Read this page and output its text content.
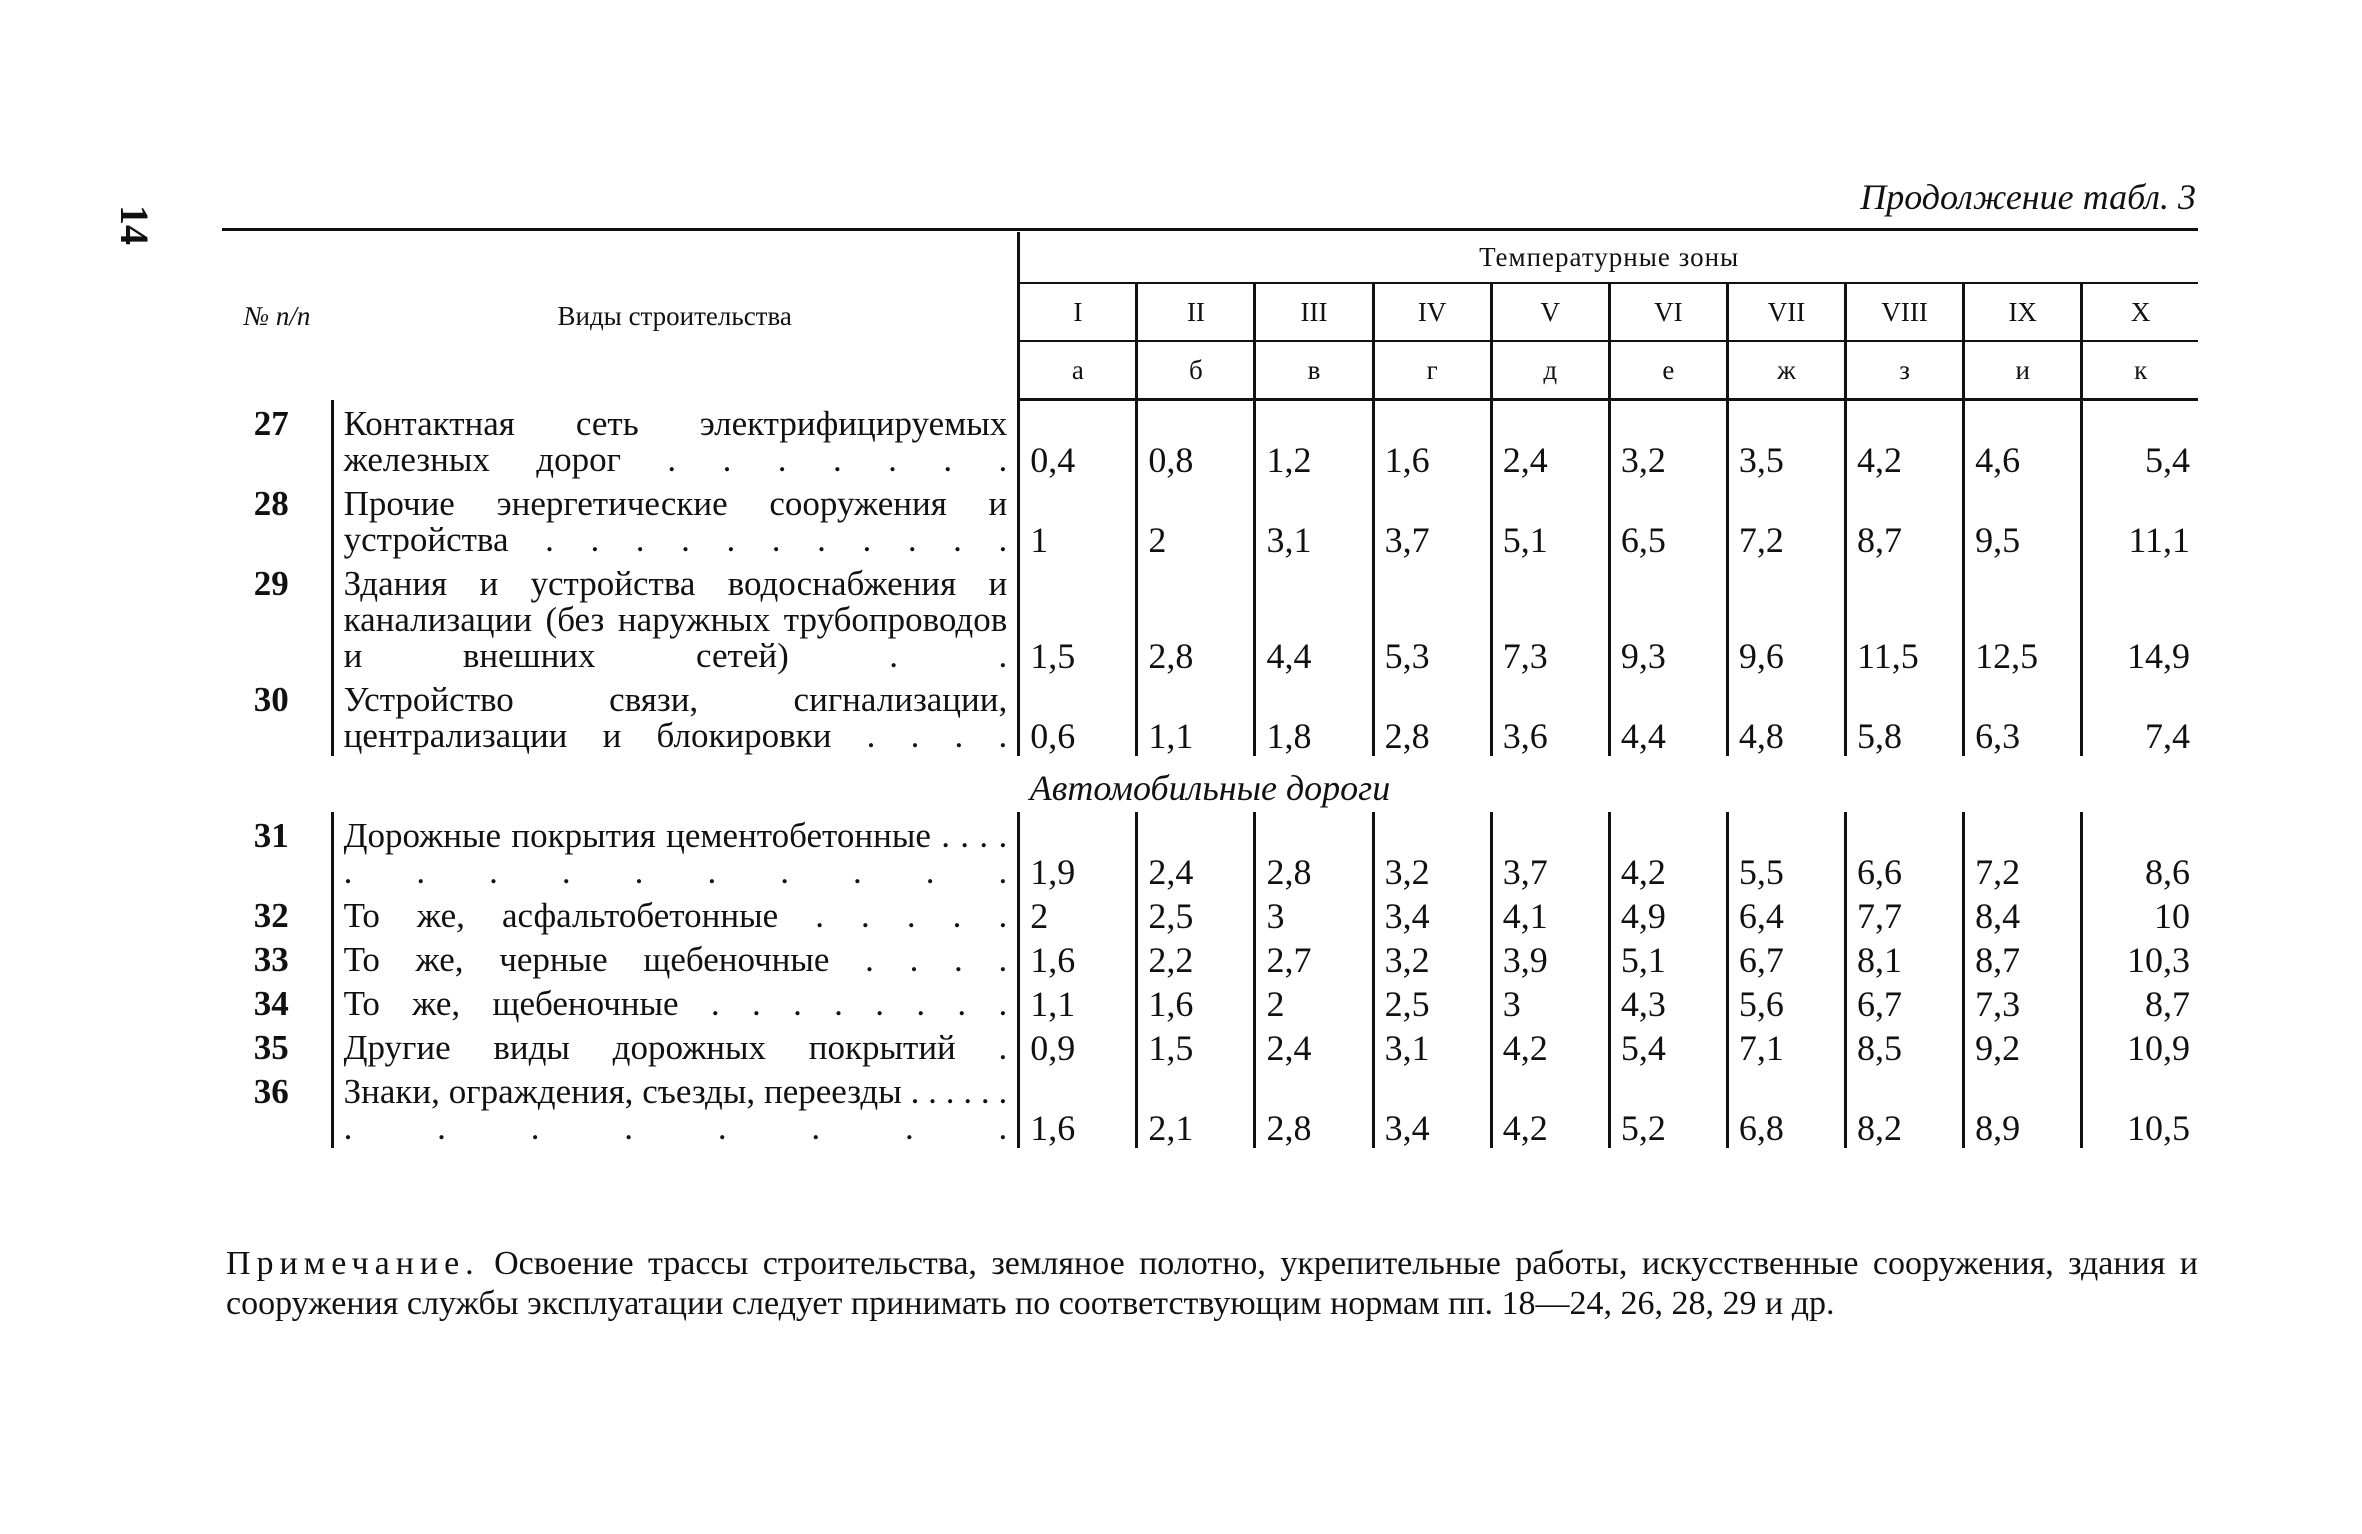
14
Продолжение табл. 3
№ п/п	Виды строительства	Температурные зоны									
		I	II	III	IV	V	VI	VII	VIII	IX	X
		а	б	в	г	д	е	ж	з	и	к
27	Контактная сеть электрифицируемых железных дорог . . . . . . .	0,4	0,8	1,2	1,6	2,4	3,2	3,5	4,2	4,6	5,4
28	Прочие энергетические сооружения и устройства . . . . . . . . . . .	1	2	3,1	3,7	5,1	6,5	7,2	8,7	9,5	11,1
29	Здания и устройства водоснабжения и канализации (без наружных трубопроводов и внешних сетей) . .	1,5	2,8	4,4	5,3	7,3	9,3	9,6	11,5	12,5	14,9
30	Устройство связи, сигнализации, централизации и блокировки . . . .	0,6	1,1	1,8	2,8	3,6	4,4	4,8	5,8	6,3	7,4
Автомобильные дороги											
31	Дорожные покрытия цементобетонные . . . . . . . . . . . . . .	1,9	2,4	2,8	3,2	3,7	4,2	5,5	6,6	7,2	8,6
32	То же, асфальтобетонные . . . . .	2	2,5	3	3,4	4,1	4,9	6,4	7,7	8,4	10
33	То же, черные щебеночные . . . .	1,6	2,2	2,7	3,2	3,9	5,1	6,7	8,1	8,7	10,3
34	То же, щебеночные . . . . . . . .	1,1	1,6	2	2,5	3	4,3	5,6	6,7	7,3	8,7
35	Другие виды дорожных покрытий .	0,9	1,5	2,4	3,1	4,2	5,4	7,1	8,5	9,2	10,9
36	Знаки, ограждения, съезды, переезды . . . . . . . . . . . . . .	1,6	2,1	2,8	3,4	4,2	5,2	6,8	8,2	8,9	10,5
Примечание. Освоение трассы строительства, земляное полотно, укрепительные работы, искусственные сооружения, здания и сооружения службы эксплуатации следует принимать по соответствующим нормам пп. 18—24, 26, 28, 29 и др.
